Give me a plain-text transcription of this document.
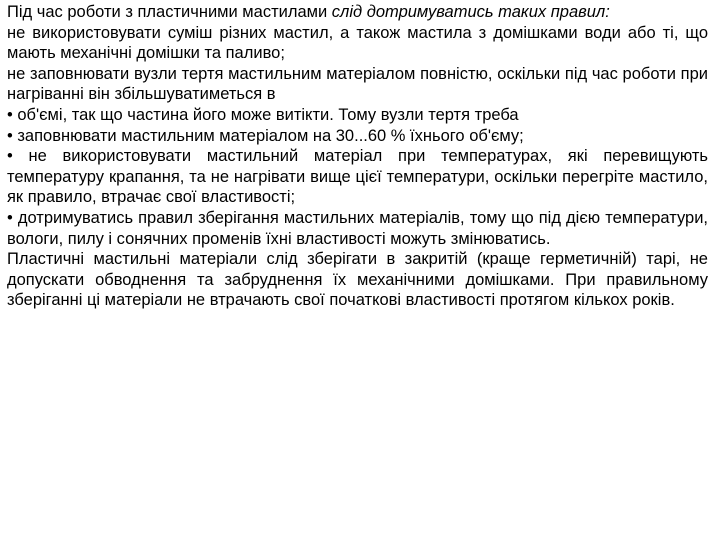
Під час роботи з пластичними мастилами слід дотримуватись таких правил:

не використовувати суміш різних мастил, а також мастила з домішками води або ті, що мають механічні домішки та паливо;

не заповнювати вузли тертя мастильним матеріалом повністю, оскільки під час роботи при нагріванні він збільшуватиметься в

• об'ємі, так що частина його може витікти. Тому вузли тертя треба

• заповнювати мастильним матеріалом на 30...60 % їхнього об'єму;

• не використовувати мастильний матеріал при температурах, які перевищують температуру крапання, та не нагрівати вище цієї температури, оскільки перегріте мастило, як правило, втрачає свої властивості;

• дотримуватись правил зберігання мастильних матеріалів, тому що під дією температури, вологи, пилу і сонячних променів їхні властивості можуть змінюватись.

Пластичні мастильні матеріали слід зберігати в закритій (краще герметичній) тарі, не допускати обводнення та забруднення їх механічними домішками. При правильному зберіганні ці матеріали не втрачають свої початкові властивості протягом кількох років.
